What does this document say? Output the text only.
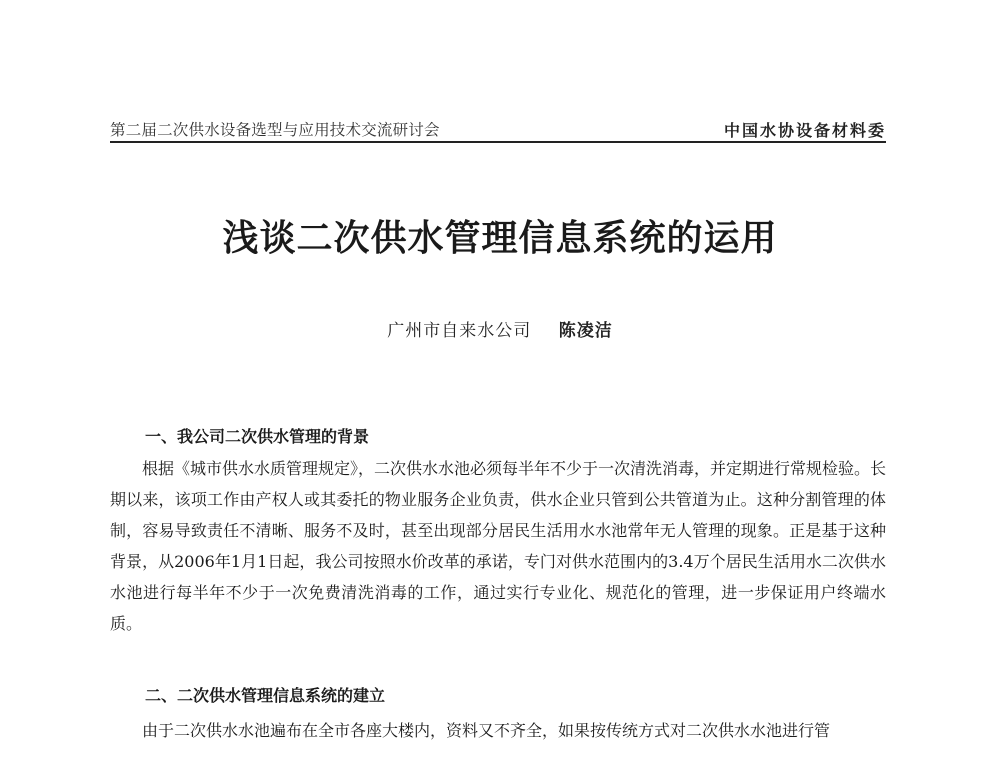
第二届二次供水设备选型与应用技术交流研讨会	中国水协设备材料委
浅谈二次供水管理信息系统的运用
广州市自来水公司 陈凌洁
一、我公司二次供水管理的背景
根据《城市供水水质管理规定》，二次供水水池必须每半年不少于一次清洗消毒，并定期进行常规检验。长期以来，该项工作由产权人或其委托的物业服务企业负责，供水企业只管到公共管道为止。这种分割管理的体制，容易导致责任不清晰、服务不及时，甚至出现部分居民生活用水水池常年无人管理的现象。正是基于这种背景，从2006年1月1日起，我公司按照水价改革的承诺，专门对供水范围内的3.4万个居民生活用水二次供水水池进行每半年不少于一次免费清洗消毒的工作，通过实行专业化、规范化的管理，进一步保证用户终端水质。
二、二次供水管理信息系统的建立
由于二次供水水池遍布在全市各座大楼内，资料又不齐全，如果按传统方式对二次供水水池进行管
